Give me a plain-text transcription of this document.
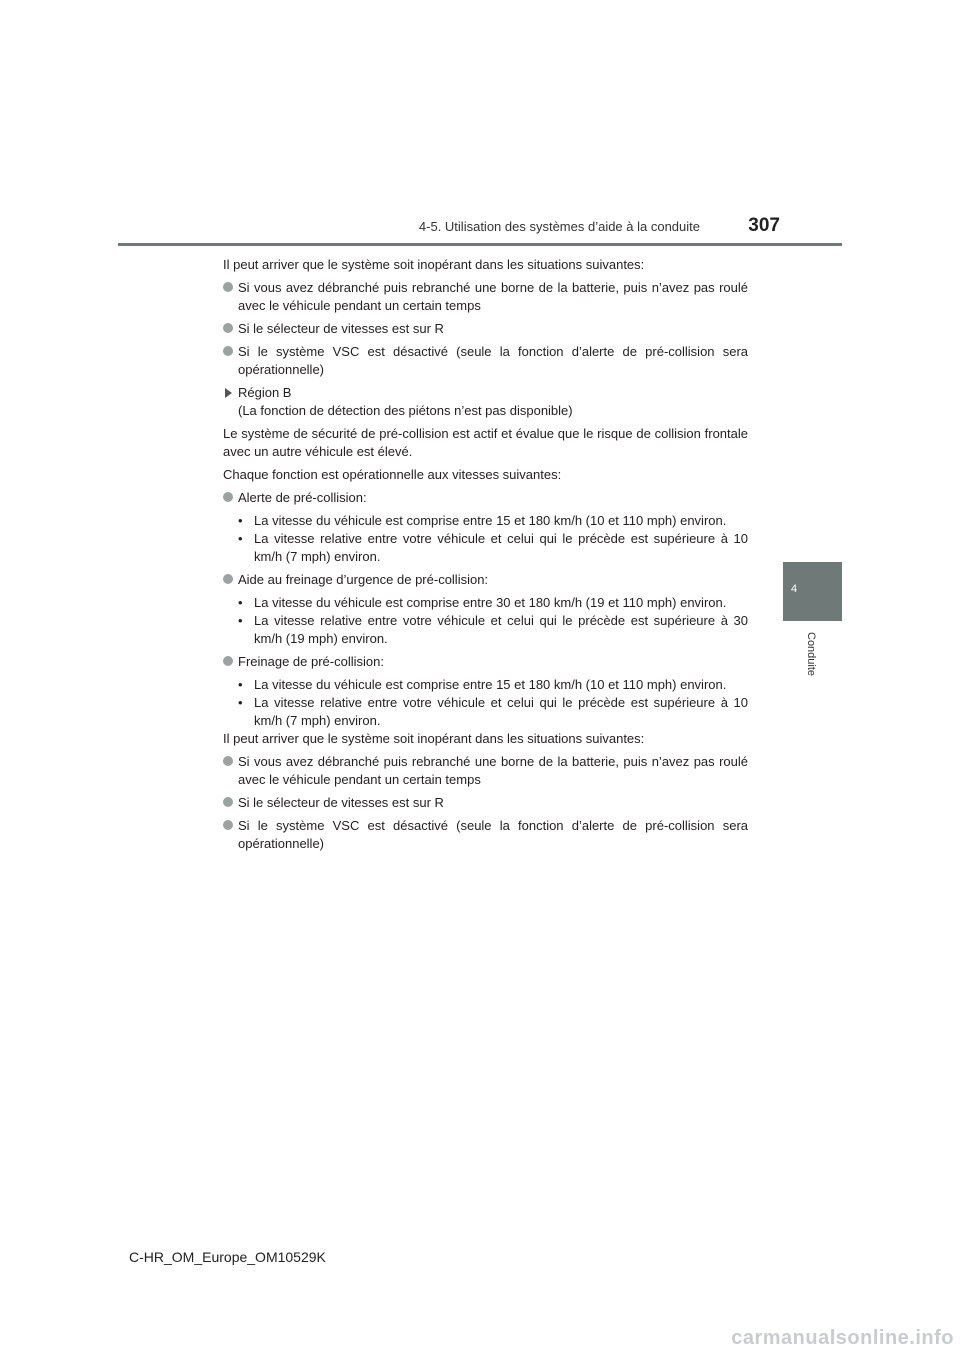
4-5. Utilisation des systèmes d’aide à la conduite	307
4
Conduite

Il peut arriver que le système soit inopérant dans les situations suivantes:

Si vous avez débranché puis rebranché une borne de la batterie, puis n’avez pas roulé avec le véhicule pendant un certain temps
Si le sélecteur de vitesses est sur R
Si le système VSC est désactivé (seule la fonction d’alerte de pré-collision sera opérationnelle)
Région B
(La fonction de détection des piétons n’est pas disponible)

Le système de sécurité de pré-collision est actif et évalue que le risque de collision frontale avec un autre véhicule est élevé.

Chaque fonction est opérationnelle aux vitesses suivantes:

Alerte de pré-collision:
• La vitesse du véhicule est comprise entre 15 et 180 km/h (10 et 110 mph) environ.
• La vitesse relative entre votre véhicule et celui qui le précède est supérieure à 10 km/h (7 mph) environ.
Aide au freinage d’urgence de pré-collision:
• La vitesse du véhicule est comprise entre 30 et 180 km/h (19 et 110 mph) environ.
• La vitesse relative entre votre véhicule et celui qui le précède est supérieure à 30 km/h (19 mph) environ.
Freinage de pré-collision:
• La vitesse du véhicule est comprise entre 15 et 180 km/h (10 et 110 mph) environ.
• La vitesse relative entre votre véhicule et celui qui le précède est supérieure à 10 km/h (7 mph) environ.

Il peut arriver que le système soit inopérant dans les situations suivantes:

Si vous avez débranché puis rebranché une borne de la batterie, puis n’avez pas roulé avec le véhicule pendant un certain temps
Si le sélecteur de vitesses est sur R
Si le système VSC est désactivé (seule la fonction d’alerte de pré-collision sera opérationnelle)
C-HR_OM_Europe_OM10529K
carmanualsonline.info
